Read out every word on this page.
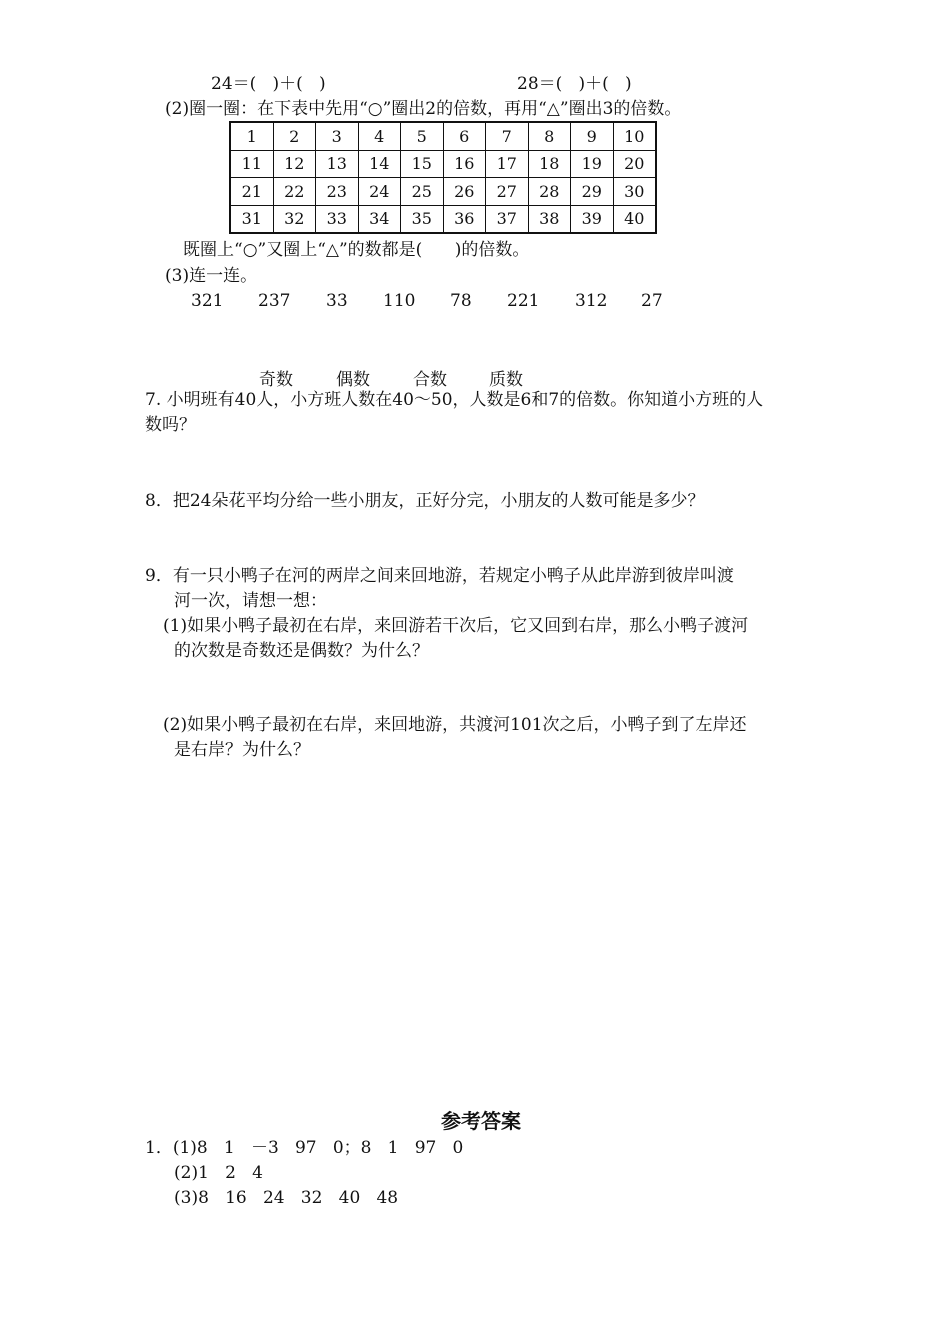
24＝(   )＋(   )	28＝(   )＋(   )
(2)圈一圈：在下表中先用“○”圈出2的倍数，再用“△”圈出3的倍数。
1	2	3	4	5	6	7	8	9	10
11	12	13	14	15	16	17	18	19	20
21	22	23	24	25	26	27	28	29	30
31	32	33	34	35	36	37	38	39	40
既圈上“○”又圈上“△”的数都是(      )的倍数。
(3)连一连。
321 237 33 110 78 221 312 27
奇数	偶数	合数 质数
7. 小明班有40人，小方班人数在40～50，人数是6和7的倍数。你知道小方班的人
数吗？
8．把24朵花平均分给一些小朋友，正好分完，小朋友的人数可能是多少？
9．有一只小鸭子在河的两岸之间来回地游，若规定小鸭子从此岸游到彼岸叫渡
河一次，请想一想：
(1)如果小鸭子最初在右岸，来回游若干次后，它又回到右岸，那么小鸭子渡河
的次数是奇数还是偶数？为什么？
(2)如果小鸭子最初在右岸，来回地游，共渡河101次之后，小鸭子到了左岸还
是右岸？为什么？
参考答案
1．(1)8   1   －3   97   0；8   1   97   0
(2)1   2   4
(3)8   16   24   32   40   48
